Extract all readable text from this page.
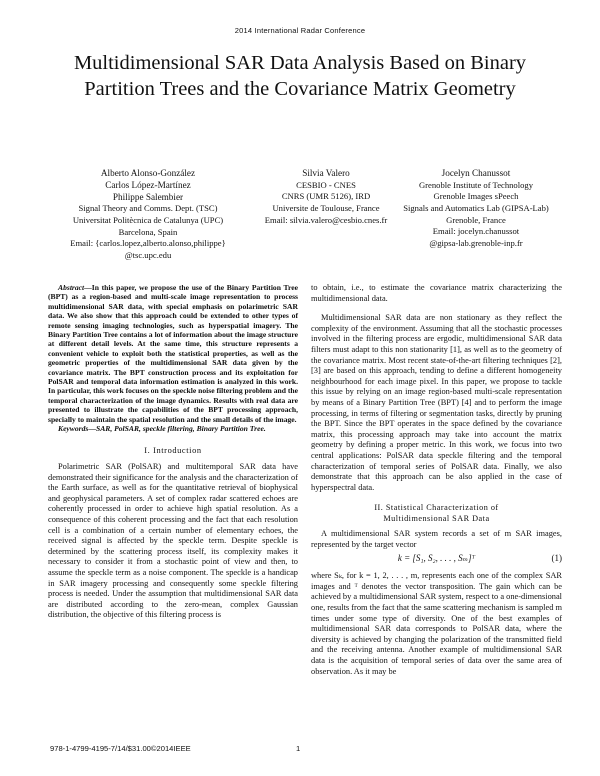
2014 International Radar Conference
Multidimensional SAR Data Analysis Based on Binary Partition Trees and the Covariance Matrix Geometry
Alberto Alonso-González
Carlos López-Martínez
Philippe Salembier
Signal Theory and Comms. Dept. (TSC)
Universitat Politècnica de Catalunya (UPC)
Barcelona, Spain
Email: {carlos.lopez,alberto.alonso,philippe}
@tsc.upc.edu
Silvia Valero
CESBIO - CNES
CNRS (UMR 5126), IRD
Universite de Toulouse, France
Email: silvia.valero@cesbio.cnes.fr
Jocelyn Chanussot
Grenoble Institute of Technology
Grenoble Images sPeech
Signals and Automatics Lab (GIPSA-Lab)
Grenoble, France
Email: jocelyn.chanussot
@gipsa-lab.grenoble-inp.fr

Abstract—In this paper, we propose the use of the Binary Partition Tree (BPT) as a region-based and multi-scale image representation to process multidimensional SAR data, with special emphasis on polarimetric SAR data. We also show that this approach could be extended to other types of remote sensing imaging technologies, such as hyperspatial imagery. The Binary Partition Tree contains a lot of information about the image structure at different detail levels. At the same time, this structure represents a convenient vehicle to exploit both the statistical properties, as well as the geometric properties of the multidimensional SAR data given by the covariance matrix. The BPT construction process and its exploitation for PolSAR and temporal data information estimation is analyzed in this work. In particular, this work focuses on the speckle noise filtering problem and the temporal characterization of the image dynamics. Results with real data are presented to illustrate the capabilities of the BPT processing approach, specially to maintain the spatial resolution and the small details of the image.

Keywords—SAR, PolSAR, speckle filtering, Binary Partition Tree.

I. Introduction

Polarimetric SAR (PolSAR) and multitemporal SAR data have demonstrated their significance for the analysis and the characterization of the Earth surface, as well as for the quantitative retrieval of biophysical and geophysical parameters. A set of complex radar scattered echoes are coherently processed in order to achieve high spatial resolution. As a consequence of this coherent processing and the fact that each resolution cell is a combination of a certain number of elementary echoes, the received signal is affected by the speckle term. Despite speckle is determined by the scattering process itself, its complexity makes it necessary to consider it from a stochastic point of view and then, to assume the speckle term as a noise component. The speckle is a handicap in SAR imagery processing and consequently some speckle filtering process is needed. Under the assumption that multidimensional SAR data are distributed according to the zero-mean, complex Gaussian distribution, the objective of this filtering process is

to obtain, i.e., to estimate the covariance matrix characterizing the multidimensional data.

Multidimensional SAR data are non stationary as they reflect the complexity of the environment. Assuming that all the stochastic processes involved in the filtering process are ergodic, multidimensional SAR data filters must adapt to this non stationarity [1], as well as to the geometry of the covariance matrix. Most recent state-of-the-art filtering techniques [2], [3] are based on this approach, tending to define a different homogeneity neighbourhood for each image pixel. In this paper, we propose to tackle this issue by relying on an image region-based multi-scale representation by means of a Binary Partition Tree (BPT) [4] and to perform the image processing, in terms of filtering or segmentation tasks, directly by pruning the BPT. Since the BPT operates in the space defined by the covariance matrix, this processing approach may take into account the matrix geometry by defining a proper metric. In this work, we focus into two central applications: PolSAR data speckle filtering and the temporal characterization of temporal series of PolSAR data. Finally, we also demonstrate that this approach can be also applied in the case of hyperspectral data.

II. Statistical Characterization of
Multidimensional SAR Data

A multidimensional SAR system records a set of m SAR images, represented by the target vector

k = [S₁, S₂, . . . , Sₘ]ᵀ	(1)

where Sₖ, for k = 1, 2, . . . , m, represents each one of the complex SAR images and ᵀ denotes the vector transposition. The gain which can be achieved by a multidimensional SAR system, respect to a one-dimensional one, results from the fact that the same scattering mechanism is sampled m times under some type of diversity. One of the best examples of multidimensional SAR data corresponds to PolSAR data, where the diversity is achieved by changing the polarization of the transmitted field and the receiving antenna. Another example of multidimensional SAR data is the acquisition of temporal series of data over the same area of observation. As it may be

978-1-4799-4195-7/14/$31.00©2014IEEE	1
